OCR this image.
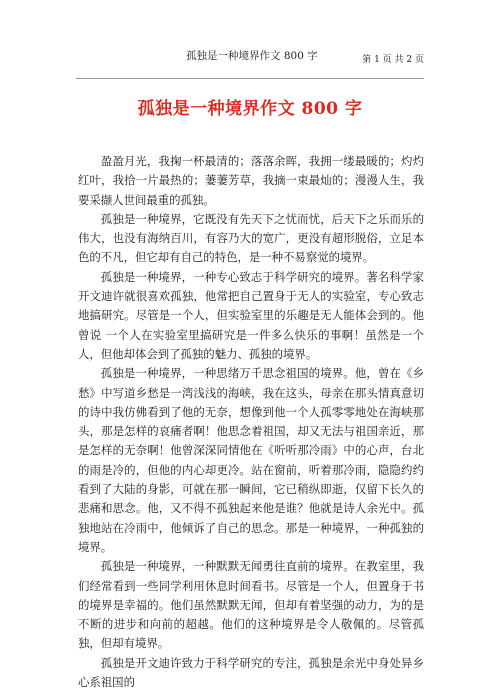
孤独是一种境界作文 800 字	第 1 页 共 2 页
孤独是一种境界作文 800 字

盈盈月光，我掬一杯最清的；落落余晖，我拥一缕最暖的；灼灼红叶，我拾一片最热的；萋萋芳草，我摘一束最灿的；漫漫人生，我要采撷人世间最重的孤独。

孤独是一种境界，它既没有先天下之忧而忧，后天下之乐而乐的伟大，也没有海纳百川，有容乃大的宽广，更没有超形脱俗，立足本色的不凡，但它却有自己的特色，是一种不易察觉的境界。

孤独是一种境界，一种专心致志于科学研究的境界。著名科学家开文迪许就很喜欢孤独，他常把自己置身于无人的实验室，专心致志地搞研究。尽管是一个人，但实验室里的乐趣是无人能体会到的。他曾说 一个人在实验室里搞研究是一件多么快乐的事啊！虽然是一个人，但他却体会到了孤独的魅力、孤独的境界。

孤独是一种境界，一种思绪万千思念祖国的境界。他，曾在《乡愁》中写道乡愁是一湾浅浅的海峡，我在这头，母亲在那头情真意切的诗中我仿佛看到了他的无奈，想像到他一个人孤零零地处在海峡那头，那是怎样的哀痛者啊！他思念着祖国，却又无法与祖国亲近，那是怎样的无奈啊！他曾深深同情他在《听听那冷雨》中的心声，台北的雨是冷的，但他的内心却更冷。站在窗前，听着那冷雨，隐隐约约看到了大陆的身影，可就在那一瞬间，它已稍纵即逝，仅留下长久的悲痛和思念。他，又不得不孤独起来他是谁？他就是诗人余光中。孤独地站在冷雨中，他倾诉了自己的思念。那是一种境界，一种孤独的境界。

孤独是一种境界，一种默默无闻勇往直前的境界。在教室里，我们经常看到一些同学利用休息时间看书。尽管是一个人，但置身于书的境界是幸福的。他们虽然默默无闻，但却有着坚强的动力，为的是不断的进步和向前的超越。他们的这种境界是令人敬佩的。尽管孤独，但却有境界。

孤独是开文迪许致力于科学研究的专注，孤独是余光中身处异乡心系祖国的
